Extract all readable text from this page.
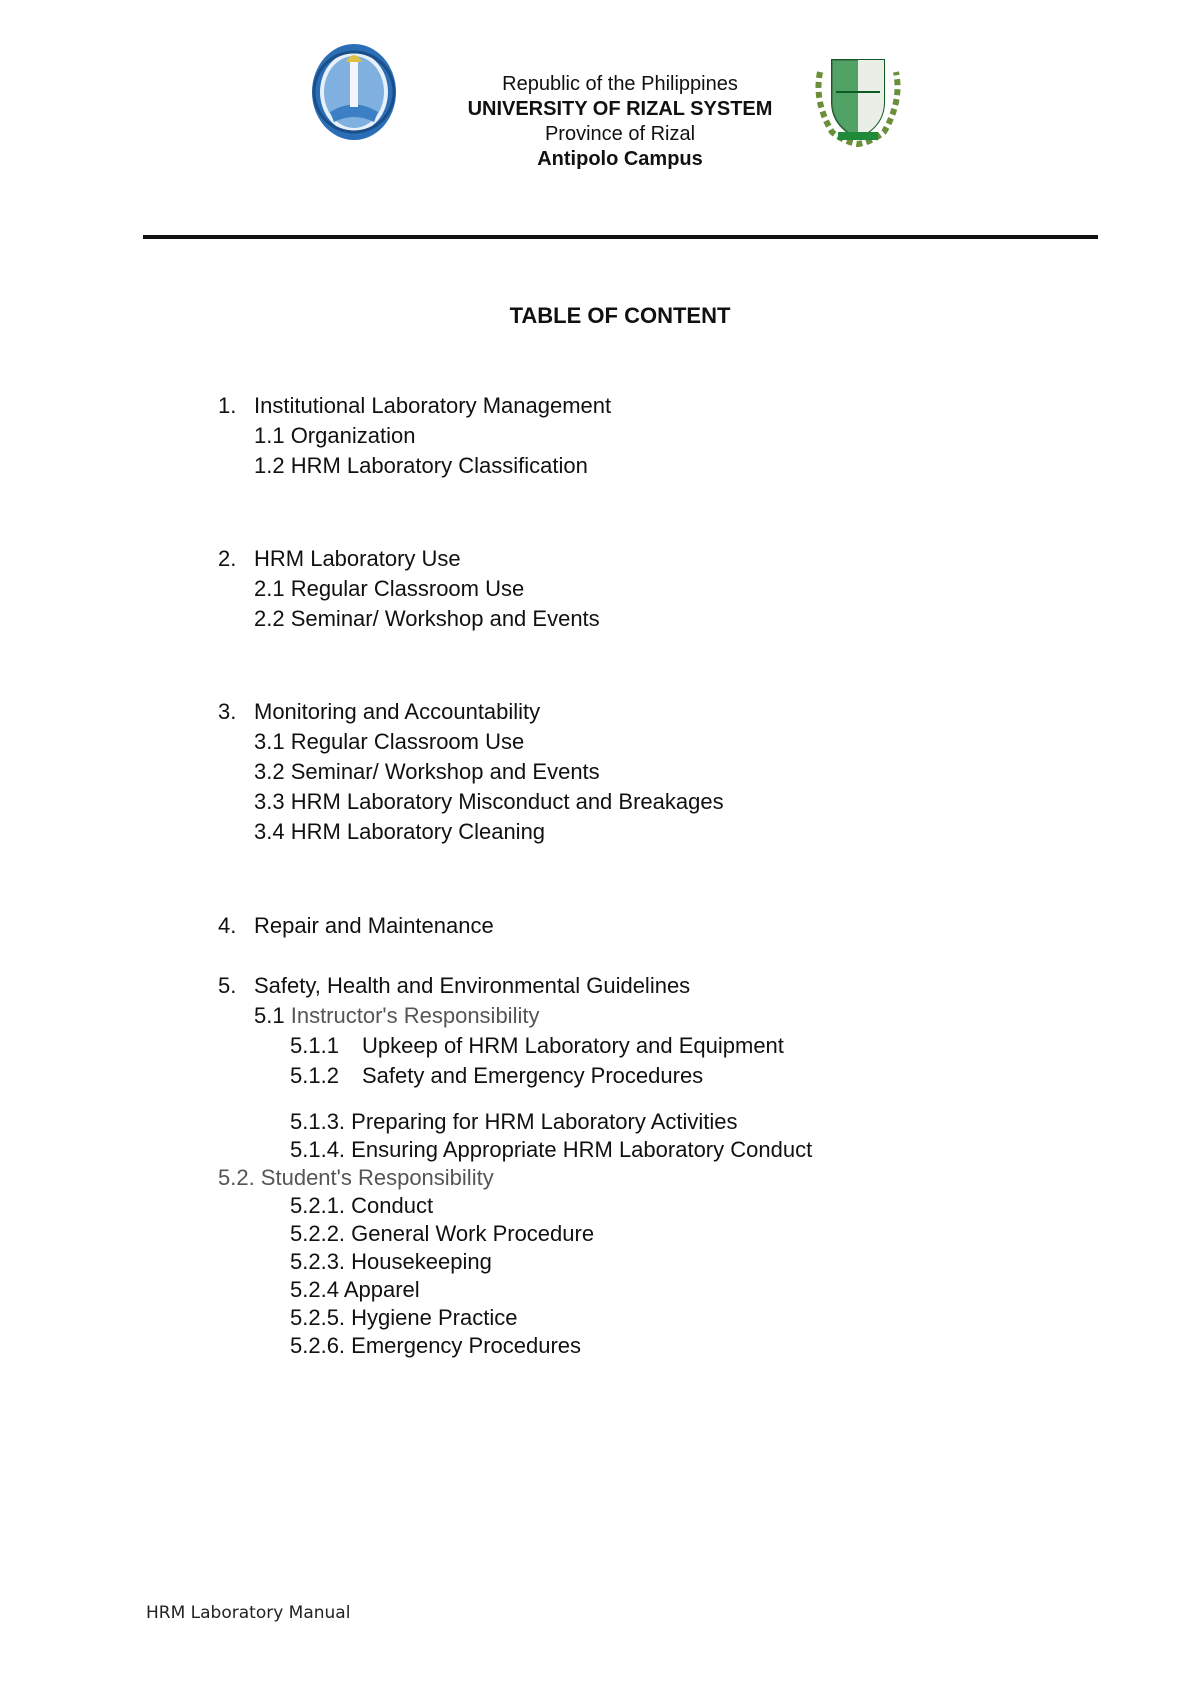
Republic of the Philippines
UNIVERSITY OF RIZAL SYSTEM
Province of Rizal
Antipolo Campus
TABLE OF CONTENT
1. Institutional Laboratory Management
1.1 Organization
1.2 HRM Laboratory Classification
2. HRM Laboratory Use
2.1 Regular Classroom Use
2.2 Seminar/ Workshop and Events
3. Monitoring and Accountability
3.1 Regular Classroom Use
3.2 Seminar/ Workshop and Events
3.3 HRM Laboratory Misconduct and Breakages
3.4 HRM Laboratory Cleaning
4. Repair and Maintenance
5. Safety, Health and Environmental Guidelines
5.1 Instructor's Responsibility
5.1.1 Upkeep of HRM Laboratory and Equipment
5.1.2 Safety and Emergency Procedures
5.1.3. Preparing for HRM Laboratory Activities
5.1.4. Ensuring Appropriate HRM Laboratory Conduct
5.2. Student's Responsibility
5.2.1. Conduct
5.2.2. General Work Procedure
5.2.3. Housekeeping
5.2.4 Apparel
5.2.5. Hygiene Practice
5.2.6. Emergency Procedures
HRM Laboratory Manual
